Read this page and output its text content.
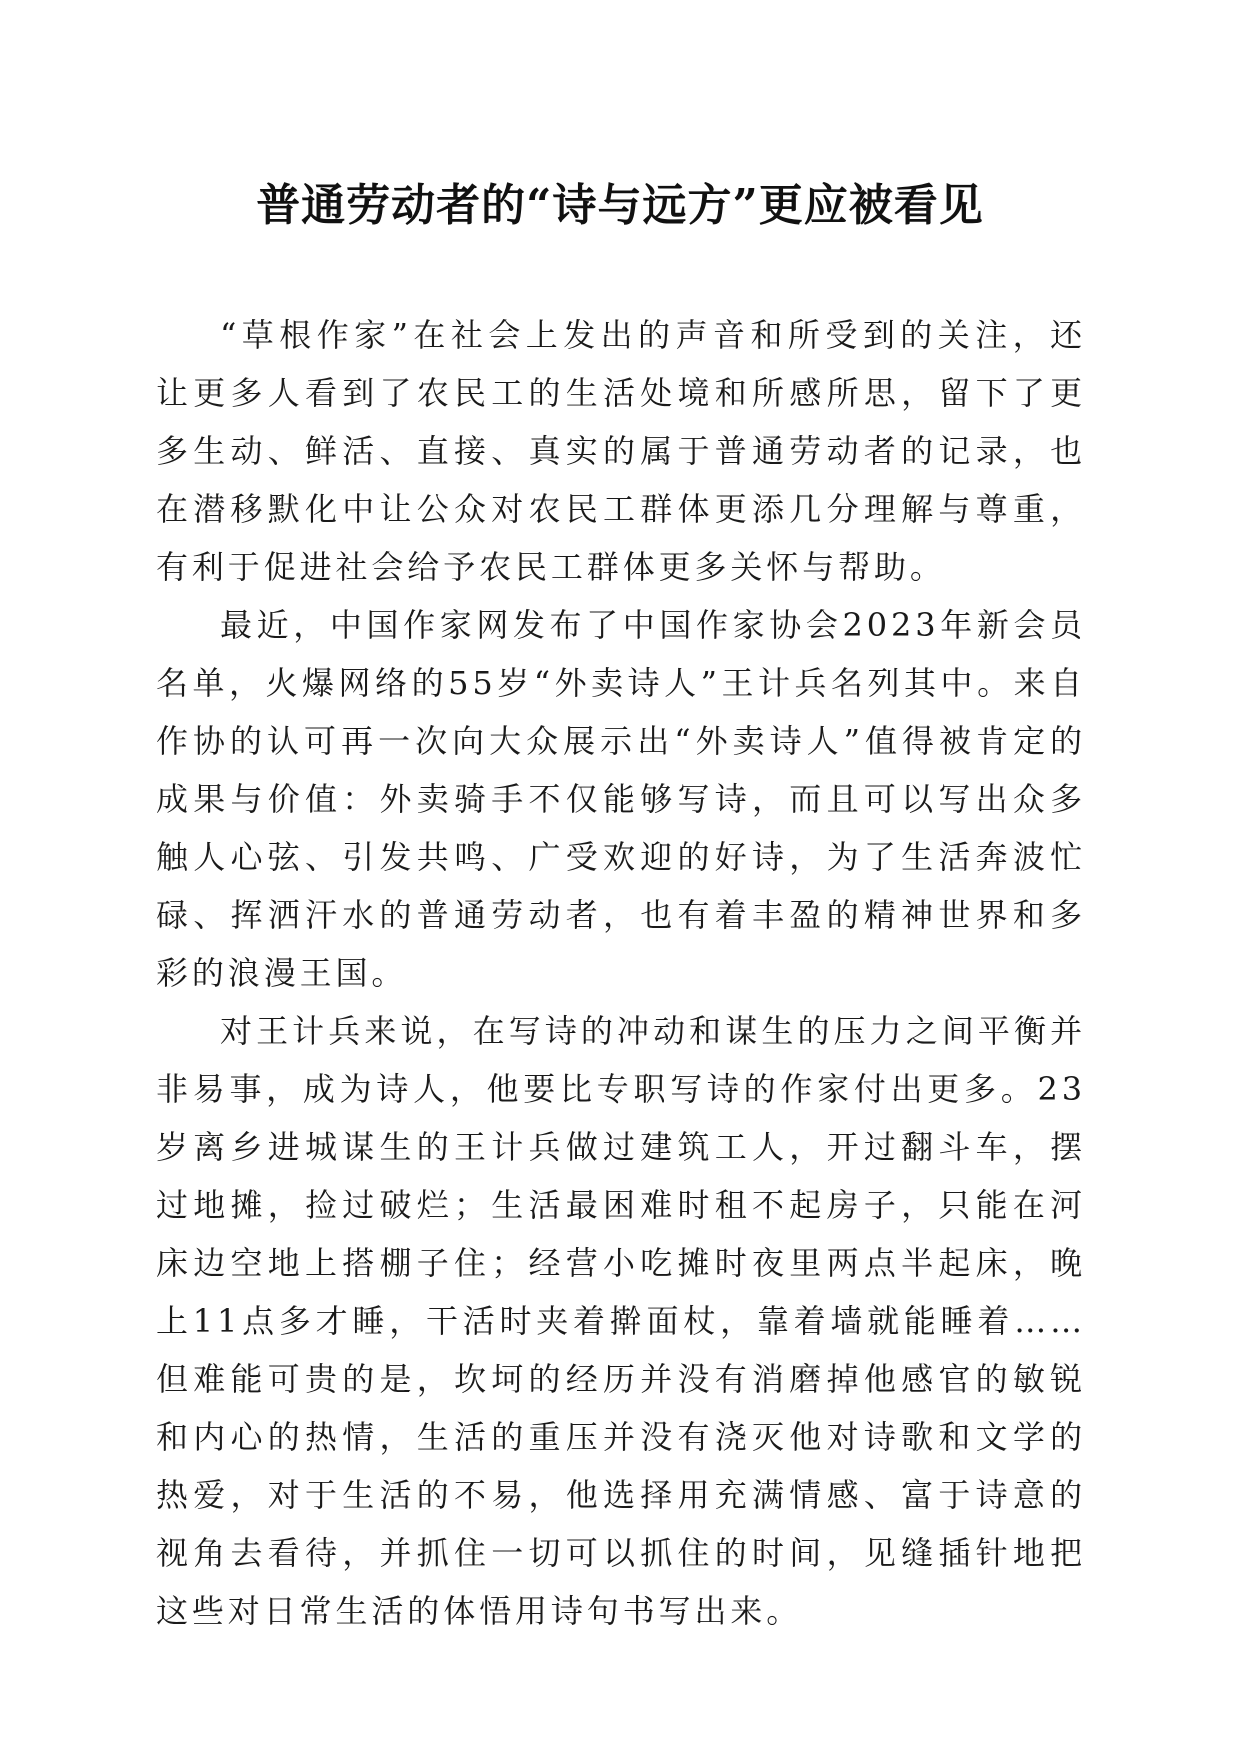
普通劳动者的“诗与远方”更应被看见

“草根作家”在社会上发出的声音和所受到的关注，还让更多人看到了农民工的生活处境和所感所思，留下了更多生动、鲜活、直接、真实的属于普通劳动者的记录，也在潜移默化中让公众对农民工群体更添几分理解与尊重，有利于促进社会给予农民工群体更多关怀与帮助。

最近，中国作家网发布了中国作家协会2023年新会员名单，火爆网络的55岁“外卖诗人”王计兵名列其中。来自作协的认可再一次向大众展示出“外卖诗人”值得被肯定的成果与价值：外卖骑手不仅能够写诗，而且可以写出众多触人心弦、引发共鸣、广受欢迎的好诗，为了生活奔波忙碌、挥洒汗水的普通劳动者，也有着丰盈的精神世界和多彩的浪漫王国。

对王计兵来说，在写诗的冲动和谋生的压力之间平衡并非易事，成为诗人，他要比专职写诗的作家付出更多。23岁离乡进城谋生的王计兵做过建筑工人，开过翻斗车，摆过地摊，捡过破烂；生活最困难时租不起房子，只能在河床边空地上搭棚子住；经营小吃摊时夜里两点半起床，晚上11点多才睡，干活时夹着擀面杖，靠着墙就能睡着……但难能可贵的是，坎坷的经历并没有消磨掉他感官的敏锐和内心的热情，生活的重压并没有浇灭他对诗歌和文学的热爱，对于生活的不易，他选择用充满情感、富于诗意的视角去看待，并抓住一切可以抓住的时间，见缝插针地把这些对日常生活的体悟用诗句书写出来。
